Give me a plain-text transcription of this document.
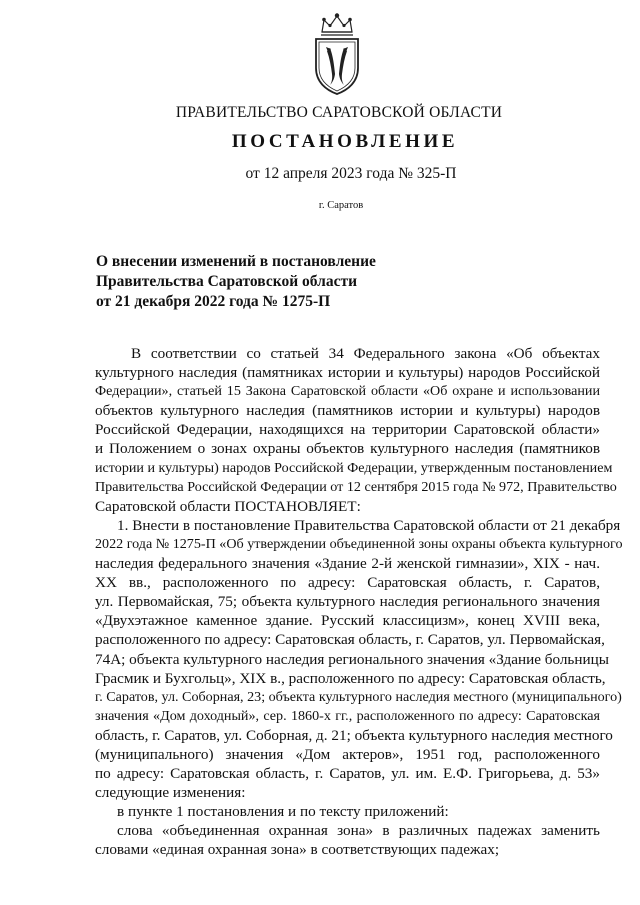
ПРАВИТЕЛЬСТВО САРАТОВСКОЙ ОБЛАСТИ
ПОСТАНОВЛЕНИЕ
от 12 апреля 2023 года № 325-П
г. Саратов
О внесении изменений в постановление
Правительства Саратовской области
от 21 декабря 2022 года № 1275-П
В соответствии со статьей 34 Федерального закона «Об объектах
культурного наследия (памятниках истории и культуры) народов Российской
Федерации», статьей 15 Закона Саратовской области «Об охране и использовании
объектов культурного наследия (памятников истории и культуры) народов
Российской Федерации, находящихся на территории Саратовской области»
и Положением о зонах охраны объектов культурного наследия (памятников
истории и культуры) народов Российской Федерации, утвержденным постановлением
Правительства Российской Федерации от 12 сентября 2015 года № 972, Правительство
Саратовской области ПОСТАНОВЛЯЕТ:
1. Внести в постановление Правительства Саратовской области от 21 декабря
2022 года № 1275-П «Об утверждении объединенной зоны охраны объекта культурного
наследия федерального значения «Здание 2-й женской гимназии», XIX - нач.
XX вв., расположенного по адресу: Саратовская область, г. Саратов,
ул. Первомайская, 75; объекта культурного наследия регионального значения
«Двухэтажное каменное здание. Русский классицизм», конец XVIII века,
расположенного по адресу: Саратовская область, г. Саратов, ул. Первомайская,
74А; объекта культурного наследия регионального значения «Здание больницы
Грасмик и Бухгольц», XIX в., расположенного по адресу: Саратовская область,
г. Саратов, ул. Соборная, 23; объекта культурного наследия местного (муниципального)
значения «Дом доходный», сер. 1860-х гг., расположенного по адресу: Саратовская
область, г. Саратов, ул. Соборная, д. 21; объекта культурного наследия местного
(муниципального) значения «Дом актеров», 1951 год, расположенного
по адресу: Саратовская область, г. Саратов, ул. им. Е.Ф. Григорьева, д. 53»
следующие изменения:
в пункте 1 постановления и по тексту приложений:
слова «объединенная охранная зона» в различных падежах заменить
словами «единая охранная зона» в соответствующих падежах;
